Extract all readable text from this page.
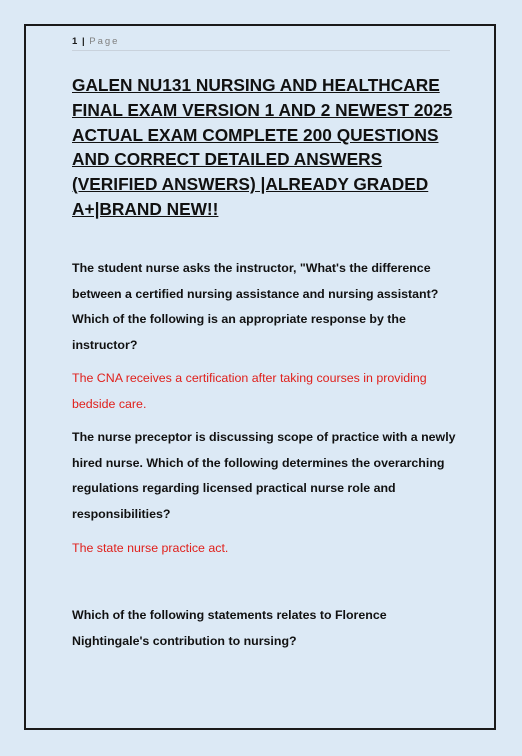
1 | Page
GALEN NU131 NURSING AND HEALTHCARE FINAL EXAM VERSION 1 AND 2 NEWEST 2025 ACTUAL EXAM COMPLETE 200 QUESTIONS AND CORRECT DETAILED ANSWERS (VERIFIED ANSWERS) |ALREADY GRADED A+|BRAND NEW!!

The student nurse asks the instructor, "What's the difference between a certified nursing assistance and nursing assistant? Which of the following is an appropriate response by the instructor?

The CNA receives a certification after taking courses in providing bedside care.

The nurse preceptor is discussing scope of practice with a newly hired nurse. Which of the following determines the overarching regulations regarding licensed practical nurse role and responsibilities?

The state nurse practice act.

Which of the following statements relates to Florence Nightingale's contribution to nursing?
